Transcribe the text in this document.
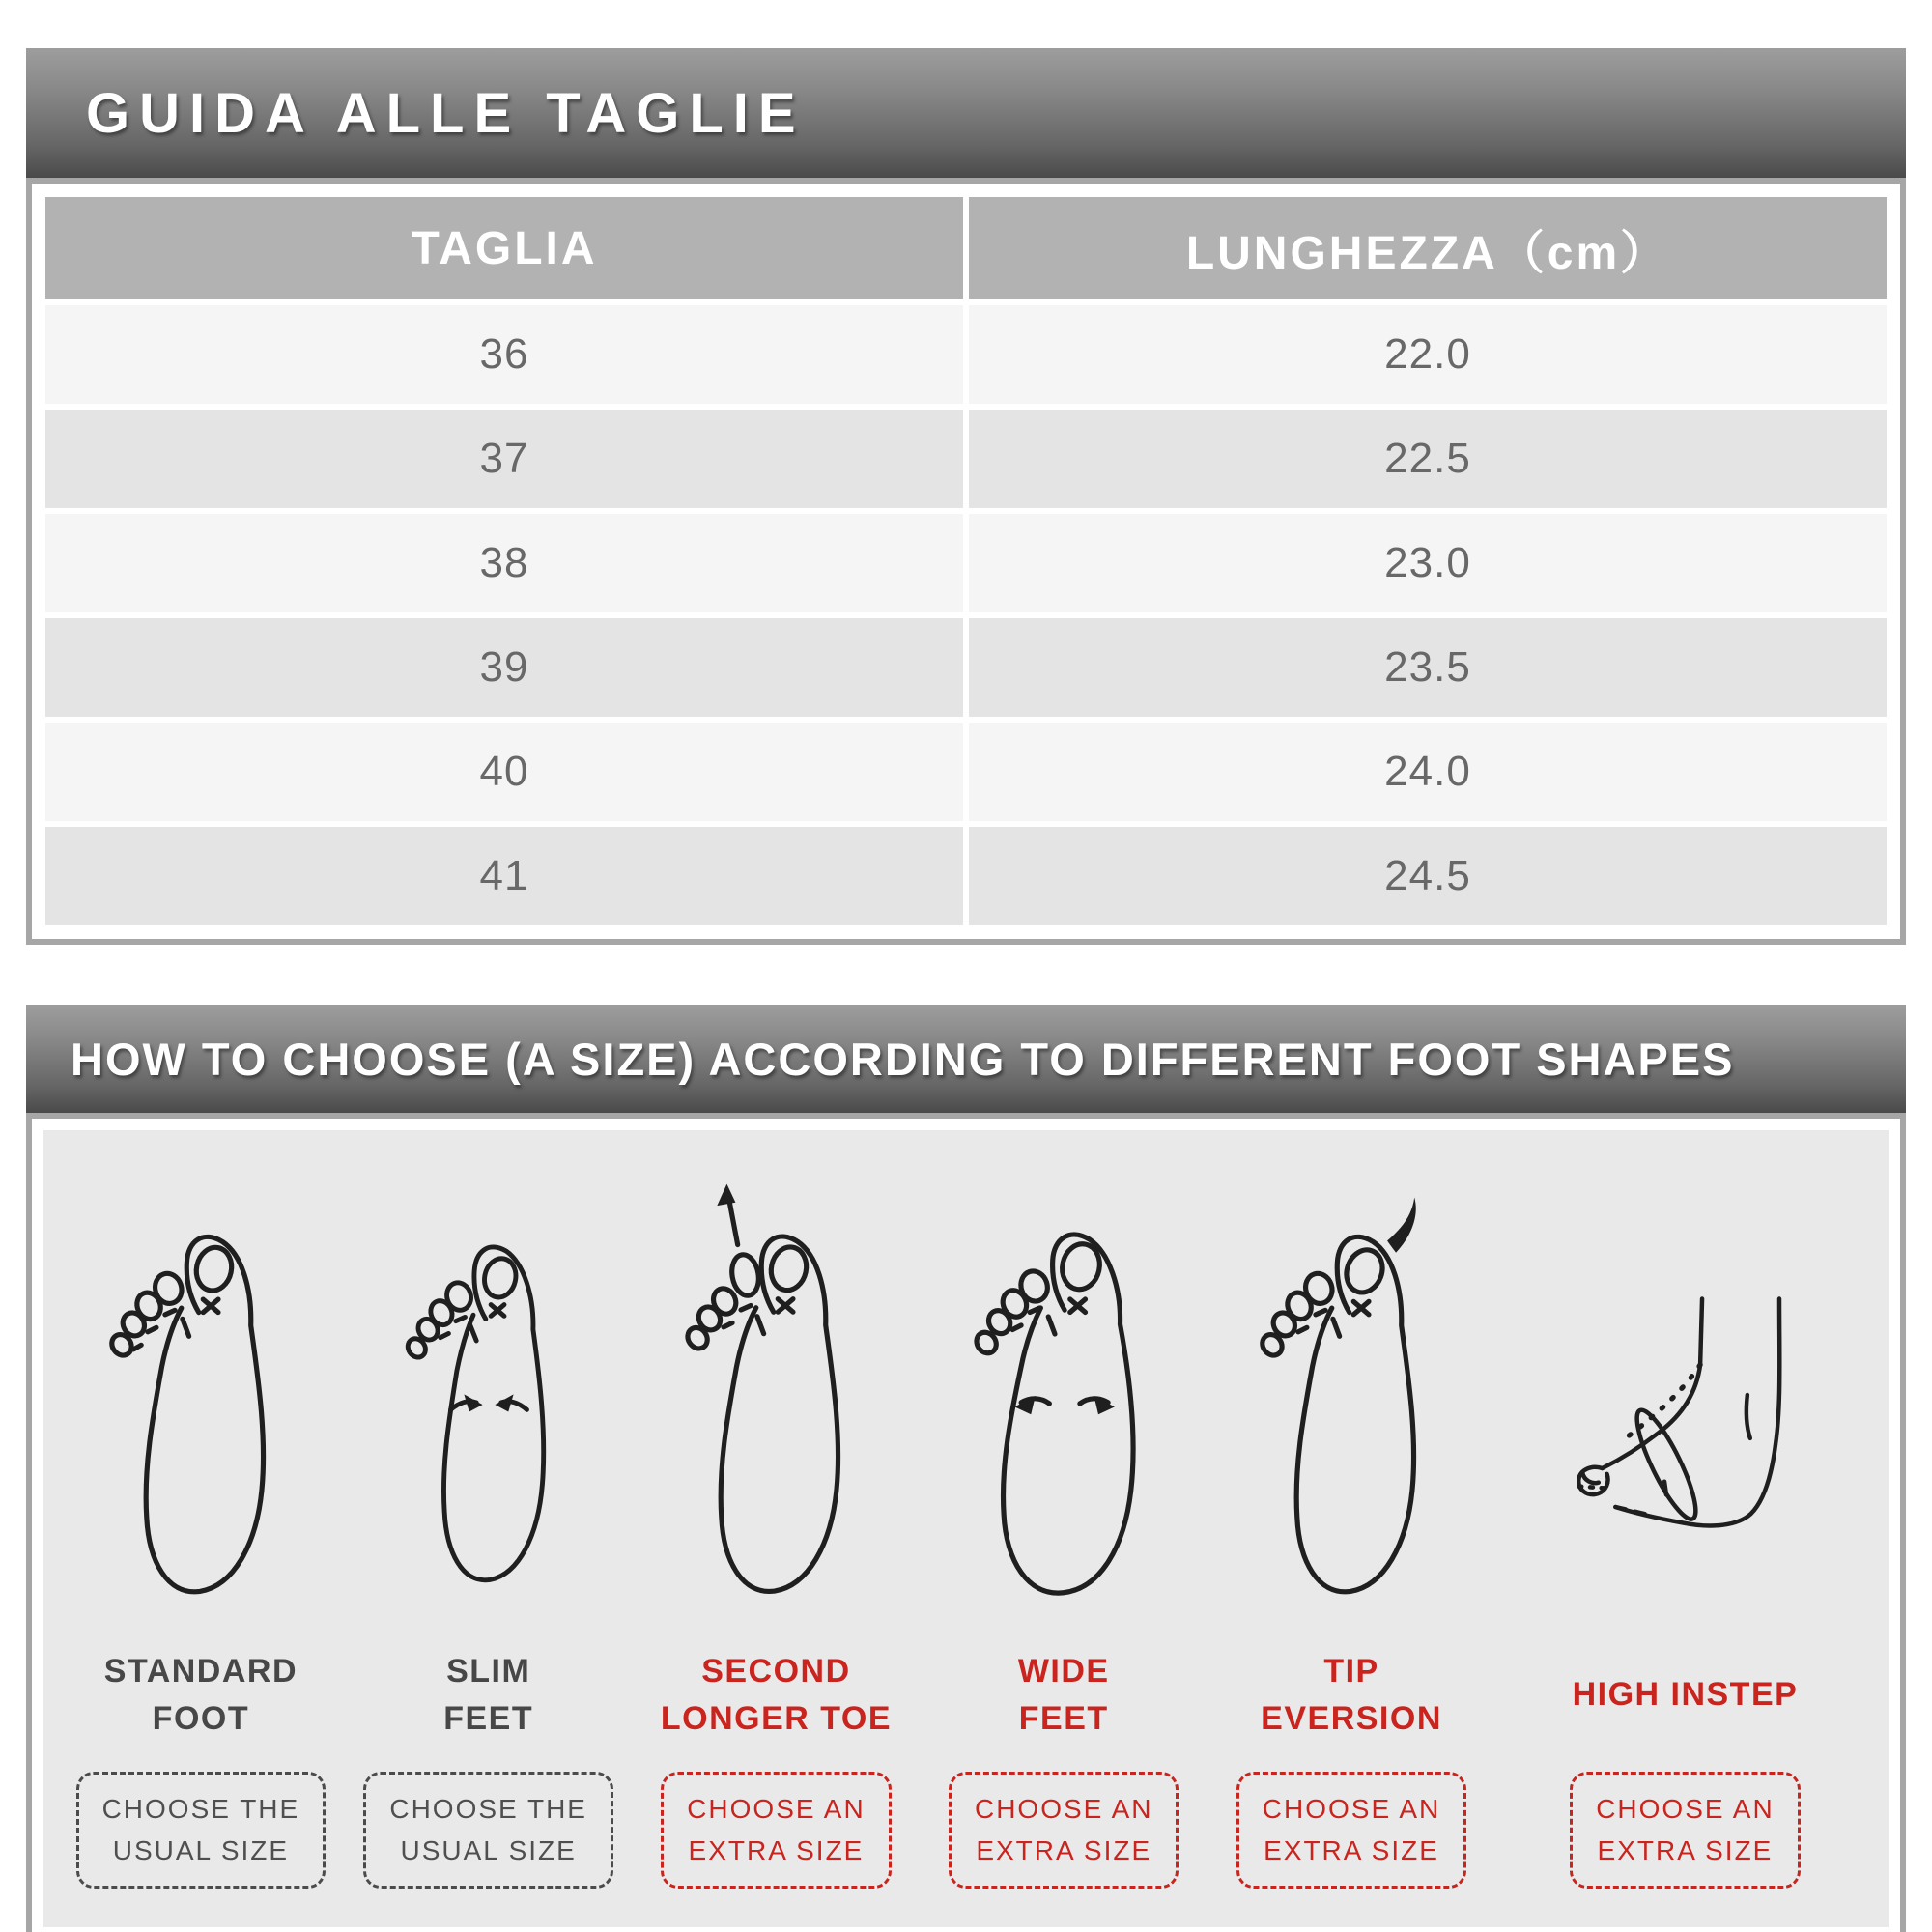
GUIDA ALLE TAGLIE
TAGLIA	LUNGHEZZA（cm）
36	22.0
37	22.5
38	23.0
39	23.5
40	24.0
41	24.5
HOW TO CHOOSE (A SIZE) ACCORDING TO DIFFERENT FOOT SHAPES
STANDARD
FOOT
CHOOSE THE
USUAL SIZE
SLIM
FEET
CHOOSE THE
USUAL SIZE
SECOND
LONGER TOE
CHOOSE AN
EXTRA SIZE
WIDE
FEET
CHOOSE AN
EXTRA SIZE
TIP
EVERSION
CHOOSE AN
EXTRA SIZE
HIGH INSTEP
CHOOSE AN
EXTRA SIZE
